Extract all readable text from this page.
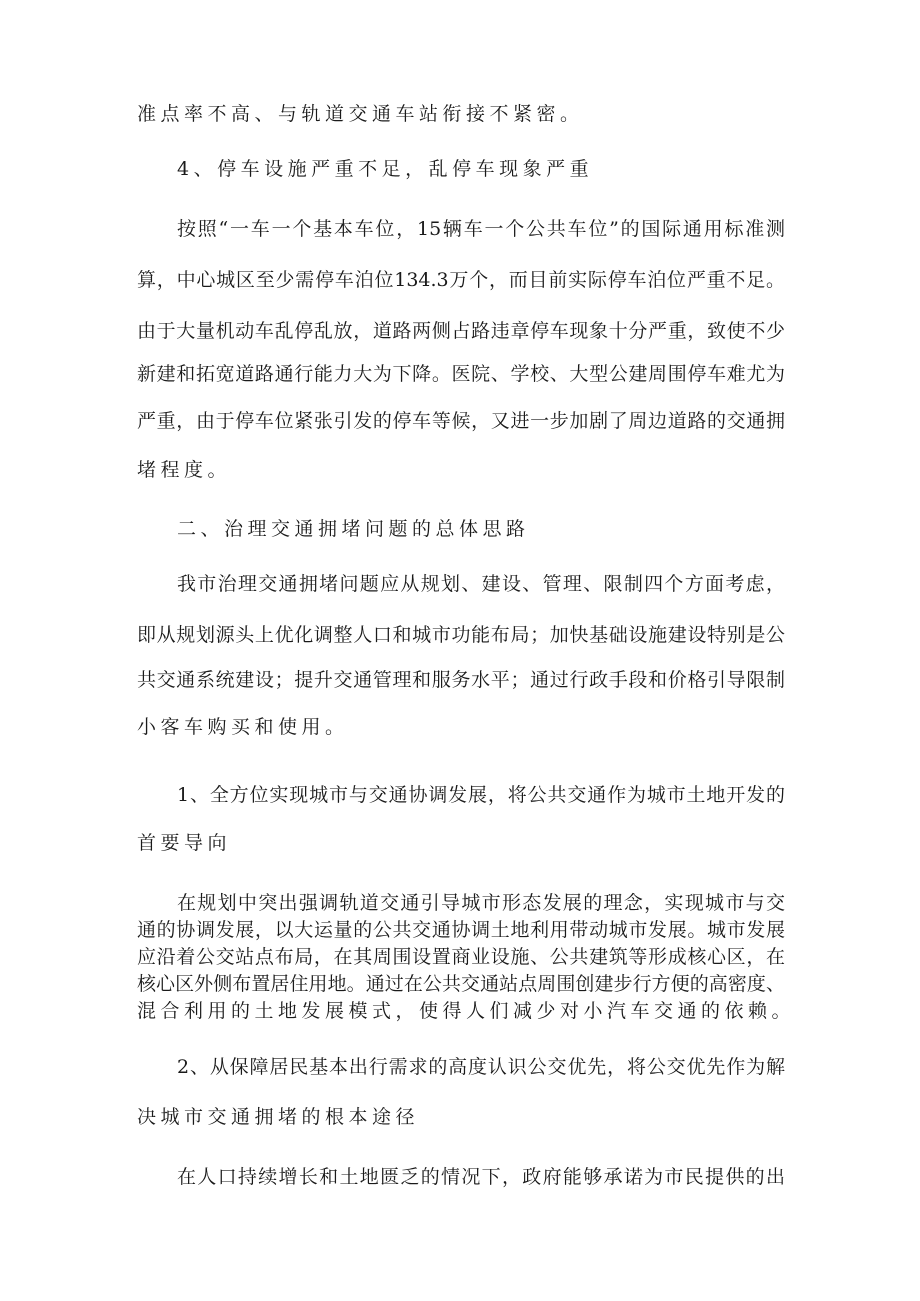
准点率不高、与轨道交通车站衔接不紧密。
4、停车设施严重不足，乱停车现象严重
按照“一车一个基本车位，15辆车一个公共车位”的国际通用标准测
算，中心城区至少需停车泊位134.3万个，而目前实际停车泊位严重不足。
由于大量机动车乱停乱放，道路两侧占路违章停车现象十分严重，致使不少
新建和拓宽道路通行能力大为下降。医院、学校、大型公建周围停车难尤为
严重，由于停车位紧张引发的停车等候，又进一步加剧了周边道路的交通拥
堵程度。
二、治理交通拥堵问题的总体思路
我市治理交通拥堵问题应从规划、建设、管理、限制四个方面考虑，
即从规划源头上优化调整人口和城市功能布局；加快基础设施建设特别是公
共交通系统建设；提升交通管理和服务水平；通过行政手段和价格引导限制
小客车购买和使用。
1、全方位实现城市与交通协调发展，将公共交通作为城市土地开发的
首要导向
在规划中突出强调轨道交通引导城市形态发展的理念，实现城市与交
通的协调发展，以大运量的公共交通协调土地利用带动城市发展。城市发展
应沿着公交站点布局，在其周围设置商业设施、公共建筑等形成核心区，在
核心区外侧布置居住用地。通过在公共交通站点周围创建步行方便的高密度、
混合利用的土地发展模式，使得人们减少对小汽车交通的依赖。
2、从保障居民基本出行需求的高度认识公交优先，将公交优先作为解
决城市交通拥堵的根本途径
在人口持续增长和土地匮乏的情况下，政府能够承诺为市民提供的出
